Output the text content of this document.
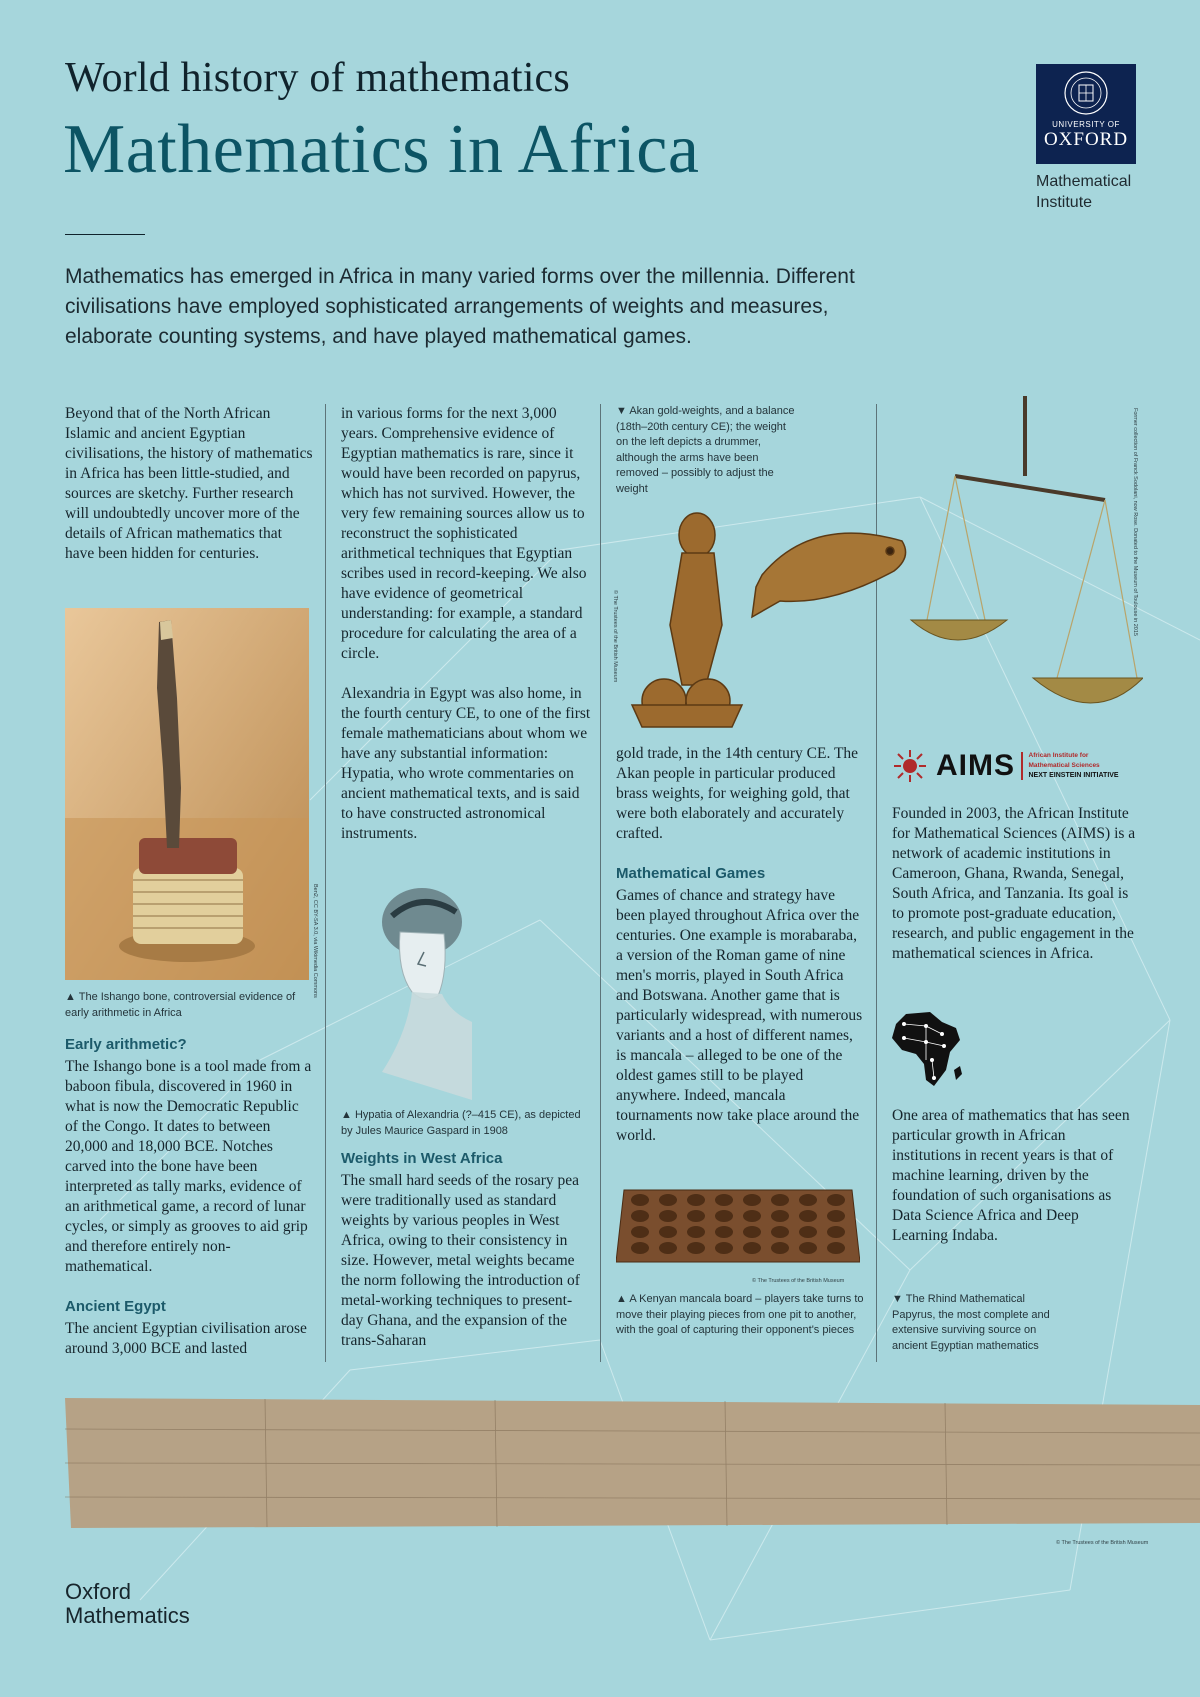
World history of mathematics
Mathematics in Africa	UNIVERSITY OF
OXFORD
Mathematical
Institute

Mathematics has emerged in Africa in many varied forms over the millennia. Different civilisations have employed sophisticated arrangements of weights and measures, elaborate counting systems, and have played mathematical games.

Beyond that of the North African Islamic and ancient Egyptian civilisations, the history of mathematics in Africa has been little-studied, and sources are sketchy. Further research will undoubtedly uncover more of the details of African mathematics that have been hidden for centuries.

Ben2, CC BY-SA 3.0, via Wikimedia Commons

▲ The Ishango bone, controversial evidence of early arithmetic in Africa

Early arithmetic?

The Ishango bone is a tool made from a baboon fibula, discovered in 1960 in what is now the Democratic Republic of the Congo. It dates to between 20,000 and 18,000 BCE. Notches carved into the bone have been interpreted as tally marks, evidence of an arithmetical game, a record of lunar cycles, or simply as grooves to aid grip and therefore entirely non-mathematical.

Ancient Egypt

The ancient Egyptian civilisation arose around 3,000 BCE and lasted

in various forms for the next 3,000 years. Comprehensive evidence of Egyptian mathematics is rare, since it would have been recorded on papyrus, which has not survived. However, the very few remaining sources allow us to reconstruct the sophisticated arithmetical techniques that Egyptian scribes used in record-keeping. We also have evidence of geometrical understanding: for example, a standard procedure for calculating the area of a circle.

Alexandria in Egypt was also home, in the fourth century CE, to one of the first female mathematicians about whom we have any substantial information: Hypatia, who wrote commentaries on ancient mathematical texts, and is said to have constructed astronomical instruments.

▲ Hypatia of Alexandria (?–415 CE), as depicted by Jules Maurice Gaspard in 1908

Weights in West Africa

The small hard seeds of the rosary pea were traditionally used as standard weights by various peoples in West Africa, owing to their consistency in size. However, metal weights became the norm following the introduction of metal-working techniques to present-day Ghana, and the expansion of the trans-Saharan

▼ Akan gold-weights, and a balance (18th–20th century CE); the weight on the left depicts a drummer, although the arms have been removed – possibly to adjust the weight

© The Trustees of the British Museum
Former collection of Franck Sodolani, now Rose. Donated to the Museum of Toulouse in 2015

gold trade, in the 14th century CE. The Akan people in particular produced brass weights, for weighing gold, that were both elaborately and accurately crafted.

Mathematical Games

Games of chance and strategy have been played throughout Africa over the centuries. One example is morabaraba, a version of the Roman game of nine men's morris, played in South Africa and Botswana. Another game that is particularly widespread, with numerous variants and a host of different names, is mancala – alleged to be one of the oldest games still to be played anywhere. Indeed, mancala tournaments now take place around the world.

© The Trustees of the British Museum

▲ A Kenyan mancala board – players take turns to move their playing pieces from one pit to another, with the goal of capturing their opponent's pieces

AIMS African Institute for
Mathematical Sciences
NEXT EINSTEIN INITIATIVE

Founded in 2003, the African Institute for Mathematical Sciences (AIMS) is a network of academic institutions in Cameroon, Ghana, Rwanda, Senegal, South Africa, and Tanzania. Its goal is to promote post-graduate education, research, and public engagement in the mathematical sciences in Africa.

One area of mathematics that has seen particular growth in African institutions in recent years is that of machine learning, driven by the foundation of such organisations as Data Science Africa and Deep Learning Indaba.

▼ The Rhind Mathematical Papyrus, the most complete and extensive surviving source on ancient Egyptian mathematics

© The Trustees of the British Museum
Oxford
Mathematics
